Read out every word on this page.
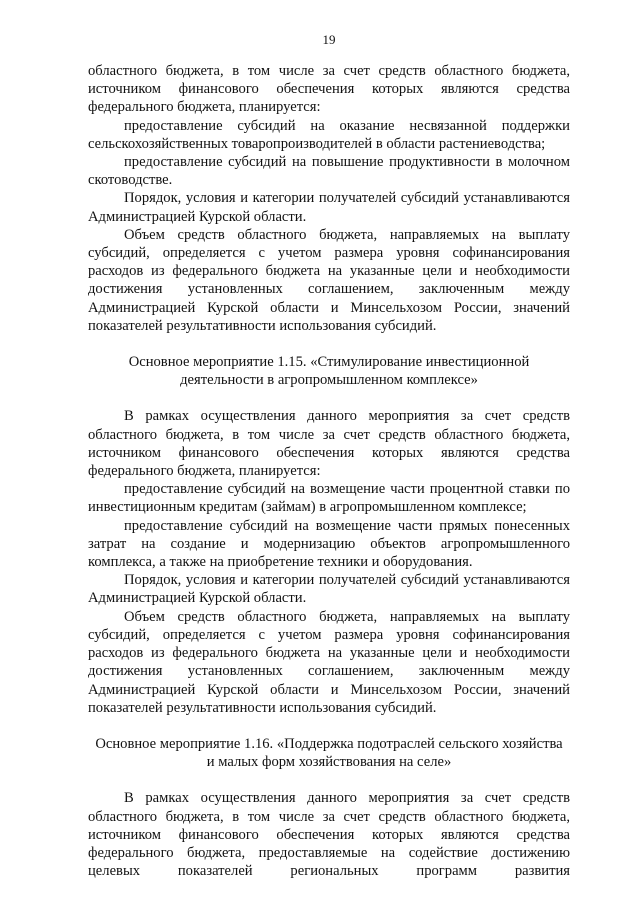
19

областного бюджета, в том числе за счет средств областного бюджета, источником финансового обеспечения которых являются средства федерального бюджета, планируется:

предоставление субсидий на оказание несвязанной поддержки сельскохозяйственных товаропроизводителей в области растениеводства;

предоставление субсидий на повышение продуктивности в молочном скотоводстве.

Порядок, условия и категории получателей субсидий устанавливаются Администрацией Курской области.

Объем средств областного бюджета, направляемых на выплату субсидий, определяется с учетом размера уровня софинансирования расходов из федерального бюджета на указанные цели и необходимости достижения установленных соглашением, заключенным между Администрацией Курской области и Минсельхозом России, значений показателей результативности использования субсидий.

Основное мероприятие 1.15. «Стимулирование инвестиционной

деятельности в агропромышленном комплексе»

В рамках осуществления данного мероприятия за счет средств областного бюджета, в том числе за счет средств областного бюджета, источником финансового обеспечения которых являются средства федерального бюджета, планируется:

предоставление субсидий на возмещение части процентной ставки по инвестиционным кредитам (займам) в агропромышленном комплексе;

предоставление субсидий на возмещение части прямых понесенных затрат на создание и модернизацию объектов агропромышленного комплекса, а также на приобретение техники и оборудования.

Порядок, условия и категории получателей субсидий устанавливаются Администрацией Курской области.

Объем средств областного бюджета, направляемых на выплату субсидий, определяется с учетом размера уровня софинансирования расходов из федерального бюджета на указанные цели и необходимости достижения установленных соглашением, заключенным между Администрацией Курской области и Минсельхозом России, значений показателей результативности использования субсидий.

Основное мероприятие 1.16. «Поддержка подотраслей сельского хозяйства

и малых форм хозяйствования на селе»

В рамках осуществления данного мероприятия за счет средств областного бюджета, в том числе за счет средств областного бюджета, источником финансового обеспечения которых являются средства федерального бюджета, предоставляемые на содействие достижению целевых показателей региональных программ развития
